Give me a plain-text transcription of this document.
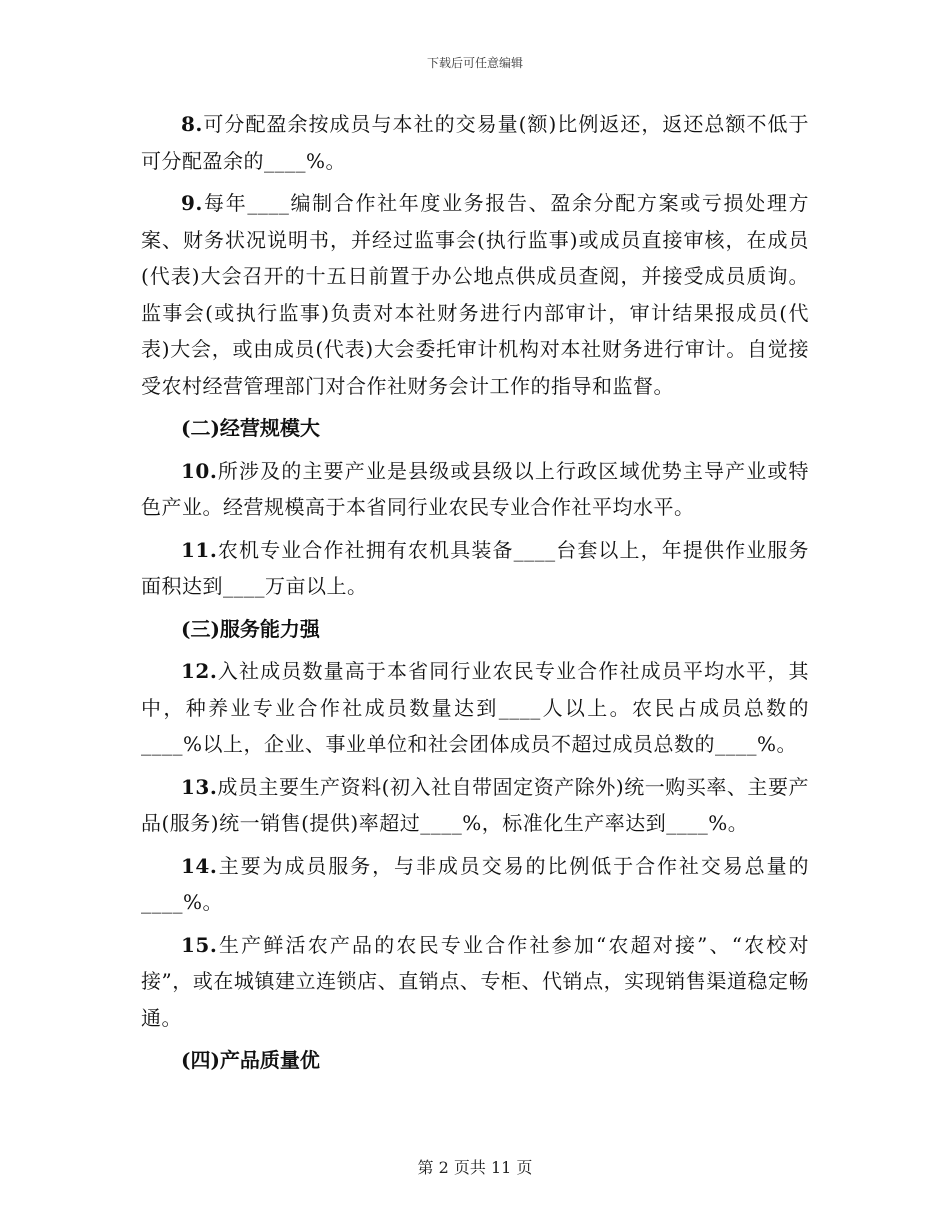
下载后可任意编辑

8.可分配盈余按成员与本社的交易量(额)比例返还，返还总额不低于可分配盈余的____%。

9.每年____编制合作社年度业务报告、盈余分配方案或亏损处理方案、财务状况说明书，并经过监事会(执行监事)或成员直接审核，在成员(代表)大会召开的十五日前置于办公地点供成员查阅，并接受成员质询。监事会(或执行监事)负责对本社财务进行内部审计，审计结果报成员(代表)大会，或由成员(代表)大会委托审计机构对本社财务进行审计。自觉接受农村经营管理部门对合作社财务会计工作的指导和监督。

(二)经营规模大

10.所涉及的主要产业是县级或县级以上行政区域优势主导产业或特色产业。经营规模高于本省同行业农民专业合作社平均水平。

11.农机专业合作社拥有农机具装备____台套以上，年提供作业服务面积达到____万亩以上。

(三)服务能力强

12.入社成员数量高于本省同行业农民专业合作社成员平均水平，其中，种养业专业合作社成员数量达到____人以上。农民占成员总数的____%以上，企业、事业单位和社会团体成员不超过成员总数的____%。

13.成员主要生产资料(初入社自带固定资产除外)统一购买率、主要产品(服务)统一销售(提供)率超过____%，标准化生产率达到____%。

14.主要为成员服务，与非成员交易的比例低于合作社交易总量的____%。

15.生产鲜活农产品的农民专业合作社参加“农超对接”、“农校对接”，或在城镇建立连锁店、直销点、专柜、代销点，实现销售渠道稳定畅通。

(四)产品质量优

第 2 页共 11 页
